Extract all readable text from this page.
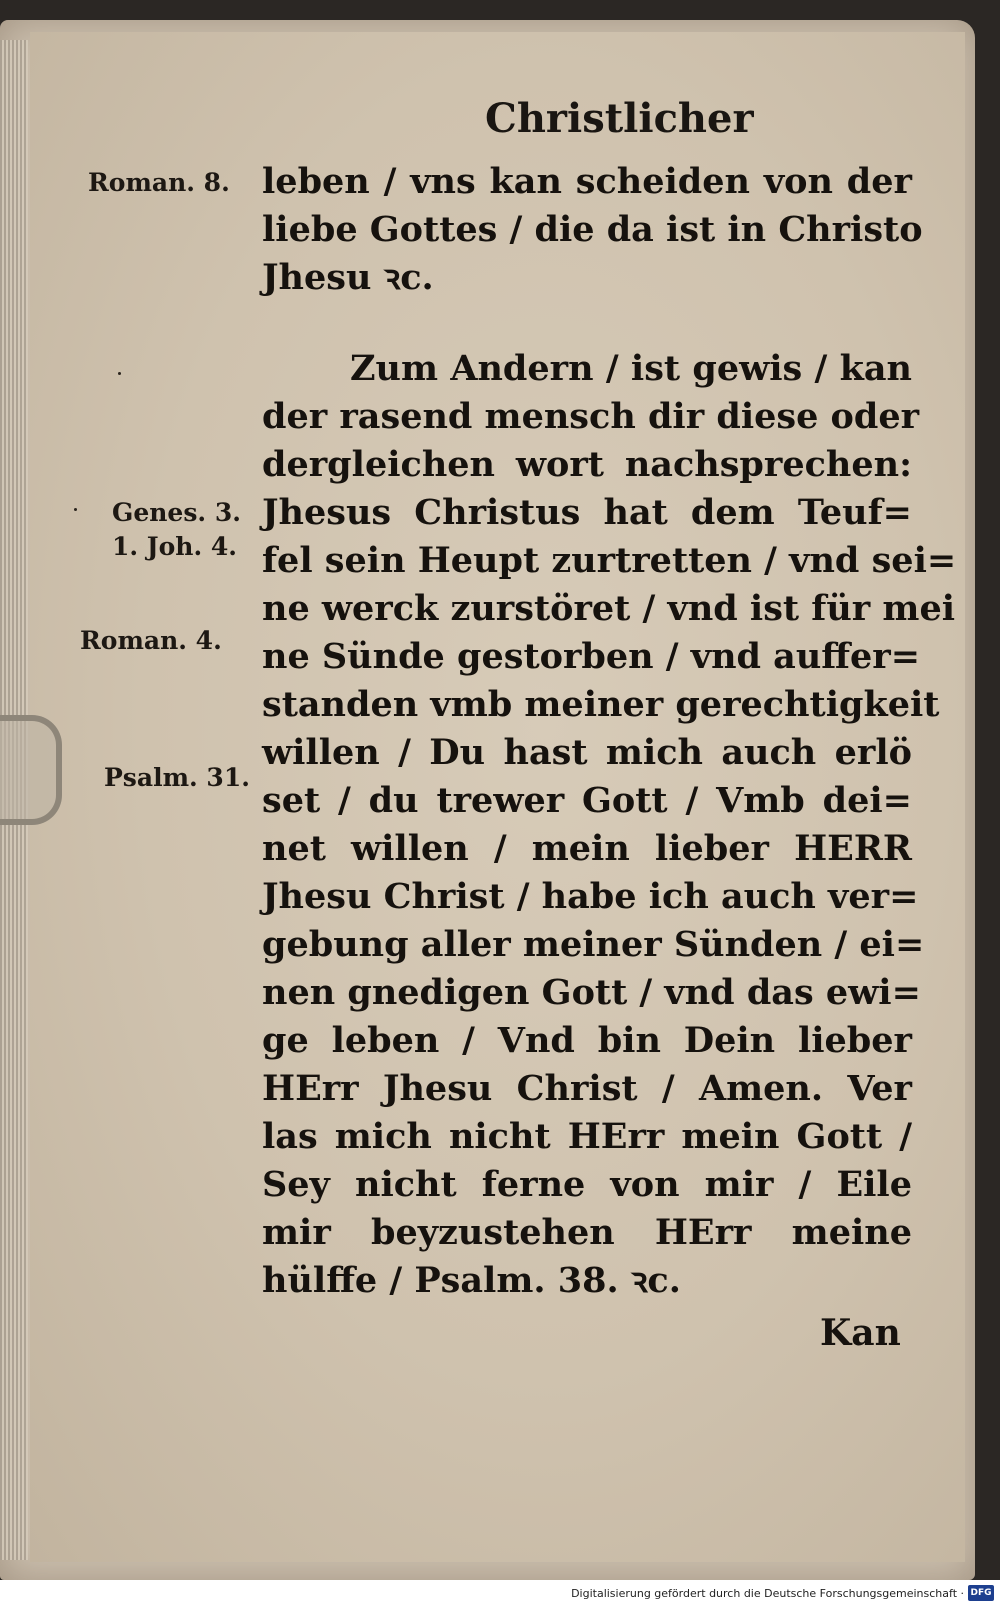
Christlicher
Roman. 8.
Genes. 3.
1. Joh. 4.
Roman. 4.
Psalm. 31.
leben / vns kan scheiden von der
liebe Gottes / die da ist in Christo
Jhesu ꝛc.
Zum Andern / ist gewis / kan
der rasend mensch dir diese oder
dergleichen wort nachsprechen:
Jhesus Christus hat dem Teuf=
fel sein Heupt zurtretten / vnd sei=
ne werck zurstöret / vnd ist für mei
ne Sünde gestorben / vnd auffer=
standen vmb meiner gerechtigkeit
willen / Du hast mich auch erlö
set / du trewer Gott / Vmb dei=
net willen / mein lieber HERR
Jhesu Christ / habe ich auch ver=
gebung aller meiner Sünden / ei=
nen gnedigen Gott / vnd das ewi=
ge leben / Vnd bin Dein lieber
HErr Jhesu Christ / Amen. Ver
las mich nicht HErr mein Gott /
Sey nicht ferne von mir / Eile
mir beyzustehen HErr meine
hülffe / Psalm. 38. ꝛc.
Kan
Digitalisierung gefördert durch die Deutsche Forschungsgemeinschaft · DFG
